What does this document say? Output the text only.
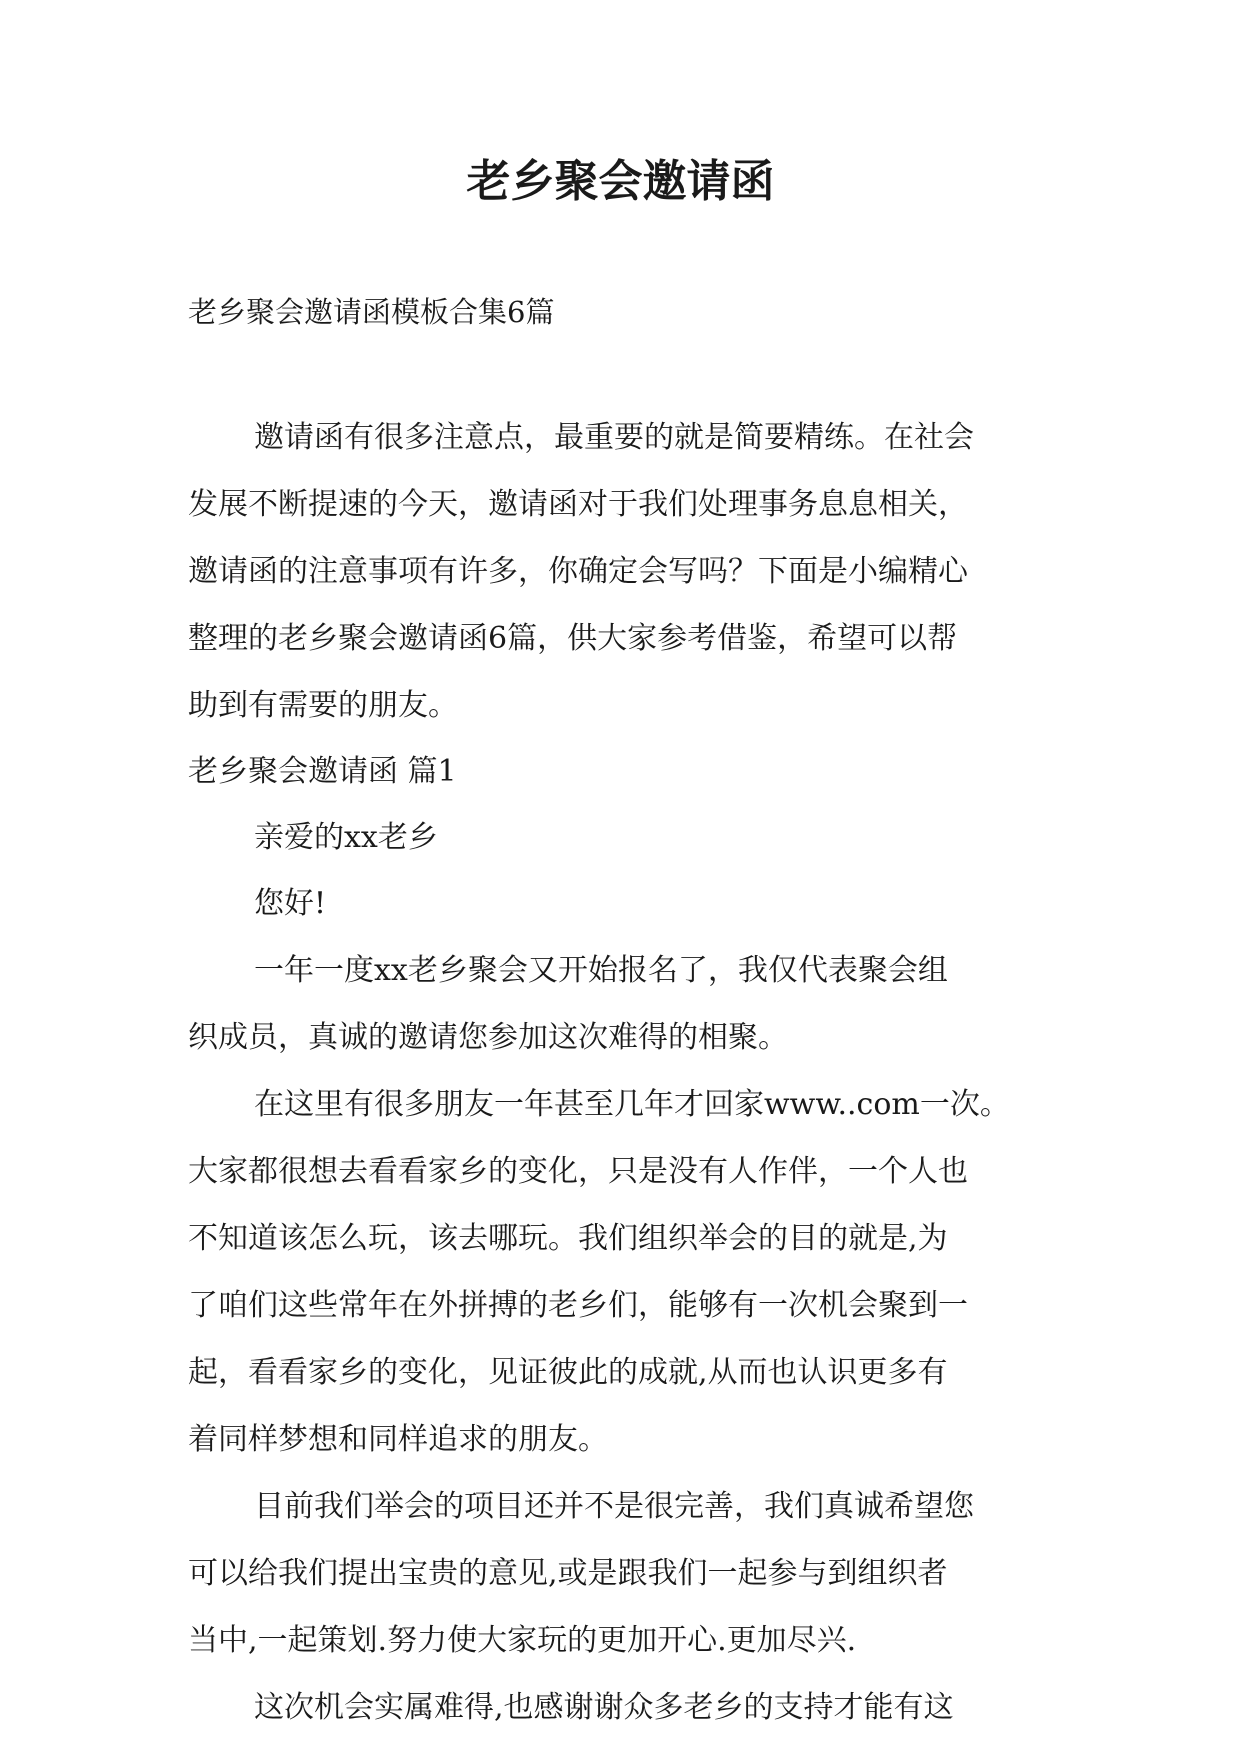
老乡聚会邀请函

老乡聚会邀请函模板合集6篇

邀请函有很多注意点，最重要的就是简要精练。在社会
发展不断提速的今天，邀请函对于我们处理事务息息相关，
邀请函的注意事项有许多，你确定会写吗？下面是小编精心
整理的老乡聚会邀请函6篇，供大家参考借鉴，希望可以帮
助到有需要的朋友。
老乡聚会邀请函 篇1
亲爱的xx老乡
您好!
一年一度xx老乡聚会又开始报名了，我仅代表聚会组
织成员，真诚的邀请您参加这次难得的相聚。
在这里有很多朋友一年甚至几年才回家www..com一次。
大家都很想去看看家乡的变化，只是没有人作伴，一个人也
不知道该怎么玩，该去哪玩。我们组织举会的目的就是,为
了咱们这些常年在外拼搏的老乡们，能够有一次机会聚到一
起，看看家乡的变化，见证彼此的成就,从而也认识更多有
着同样梦想和同样追求的朋友。
目前我们举会的项目还并不是很完善，我们真诚希望您
可以给我们提出宝贵的意见,或是跟我们一起参与到组织者
当中,一起策划.努力使大家玩的更加开心.更加尽兴.
这次机会实属难得,也感谢谢众多老乡的支持才能有这
